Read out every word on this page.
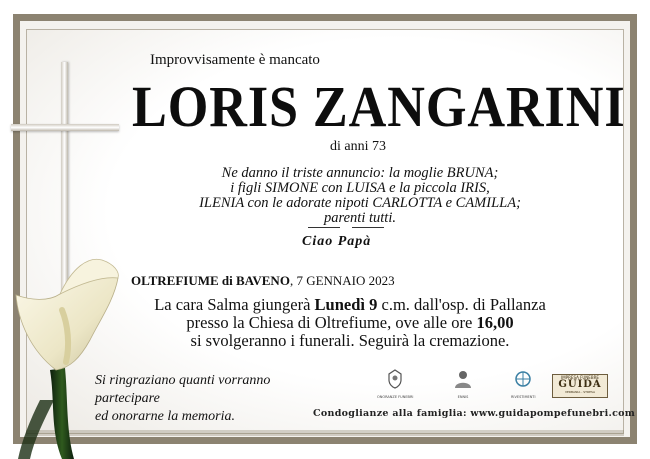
Improvvisamente è mancato
LORIS ZANGARINI
di anni 73
Ne danno il triste annuncio: la moglie BRUNA;
i figli SIMONE con LUISA e la piccola IRIS,
ILENIA con le adorate nipoti CARLOTTA e CAMILLA;
parenti tutti.
Ciao Papà
OLTREFIUME di BAVENO, 7 GENNAIO 2023
La cara Salma giungerà Lunedì 9 c.m. dall'osp. di Pallanza
presso la Chiesa di Oltrefiume, ove alle ore 16,00
si svolgeranno i funerali. Seguirà la cremazione.
Si ringraziano quanti vorranno partecipare
ed onorarne la memoria.
ONORANZE FUNEBRI	ENNIS	RIVESTIMENTI
IMPRESA FUNEBRE
GUIDA
VERBANIA - STRESA
Condoglianze alla famiglia: www.guidapompefunebri.com
